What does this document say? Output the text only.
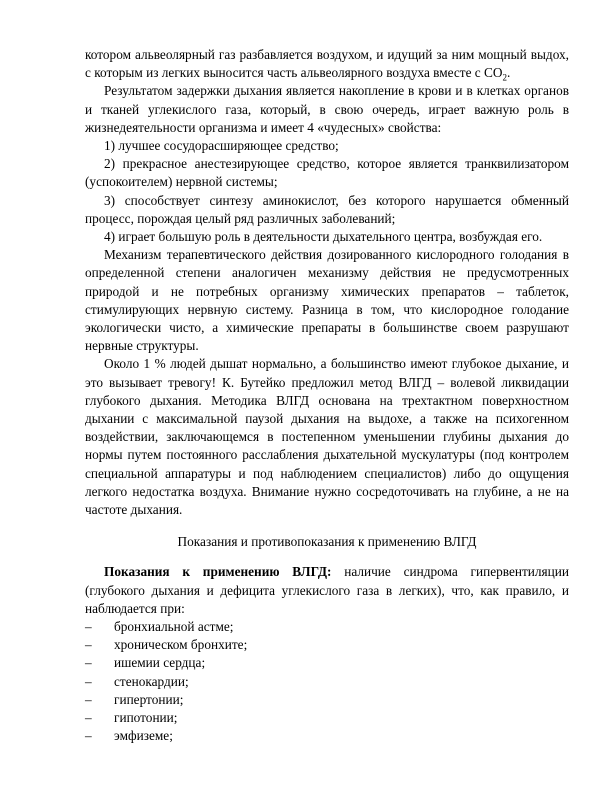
котором альвеолярный газ разбавляется воздухом, и идущий за ним мощный выдох, с которым из легких выносится часть альвеолярного воздуха вместе с $CO_2$.

Результатом задержки дыхания является накопление в крови и в клетках органов и тканей углекислого газа, который, в свою очередь, играет важную роль в жизнедеятельности организма и имеет 4 «чудесных» свойства:

1) лучшее сосудорасширяющее средство;

2) прекрасное анестезирующее средство, которое является транквилизатором (успокоителем) нервной системы;

3) способствует синтезу аминокислот, без которого нарушается обменный процесс, порождая целый ряд различных заболеваний;

4) играет большую роль в деятельности дыхательного центра, возбуждая его.

Механизм терапевтического действия дозированного кислородного голодания в определенной степени аналогичен механизму действия не предусмотренных природой и не потребных организму химических препаратов – таблеток, стимулирующих нервную систему. Разница в том, что кислородное голодание экологически чисто, а химические препараты в большинстве своем разрушают нервные структуры.

Около 1 % людей дышат нормально, а большинство имеют глубокое дыхание, и это вызывает тревогу! К. Бутейко предложил метод ВЛГД – волевой ликвидации глубокого дыхания. Методика ВЛГД основана на трехтактном поверхностном дыхании с максимальной паузой дыхания на выдохе, а также на психогенном воздействии, заключающемся в постепенном уменьшении глубины дыхания до нормы путем постоянного расслабления дыхательной мускулатуры (под контролем специальной аппаратуры и под наблюдением специалистов) либо до ощущения легкого недостатка воздуха. Внимание нужно сосредоточивать на глубине, а не на частоте дыхания.

Показания и противопоказания к применению ВЛГД

Показания к применению ВЛГД: наличие синдрома гипервентиляции (глубокого дыхания и дефицита углекислого газа в легких), что, как правило, и наблюдается при:

– бронхиальной астме;
– хроническом бронхите;
– ишемии сердца;
– стенокардии;
– гипертонии;
– гипотонии;
– эмфиземе;
